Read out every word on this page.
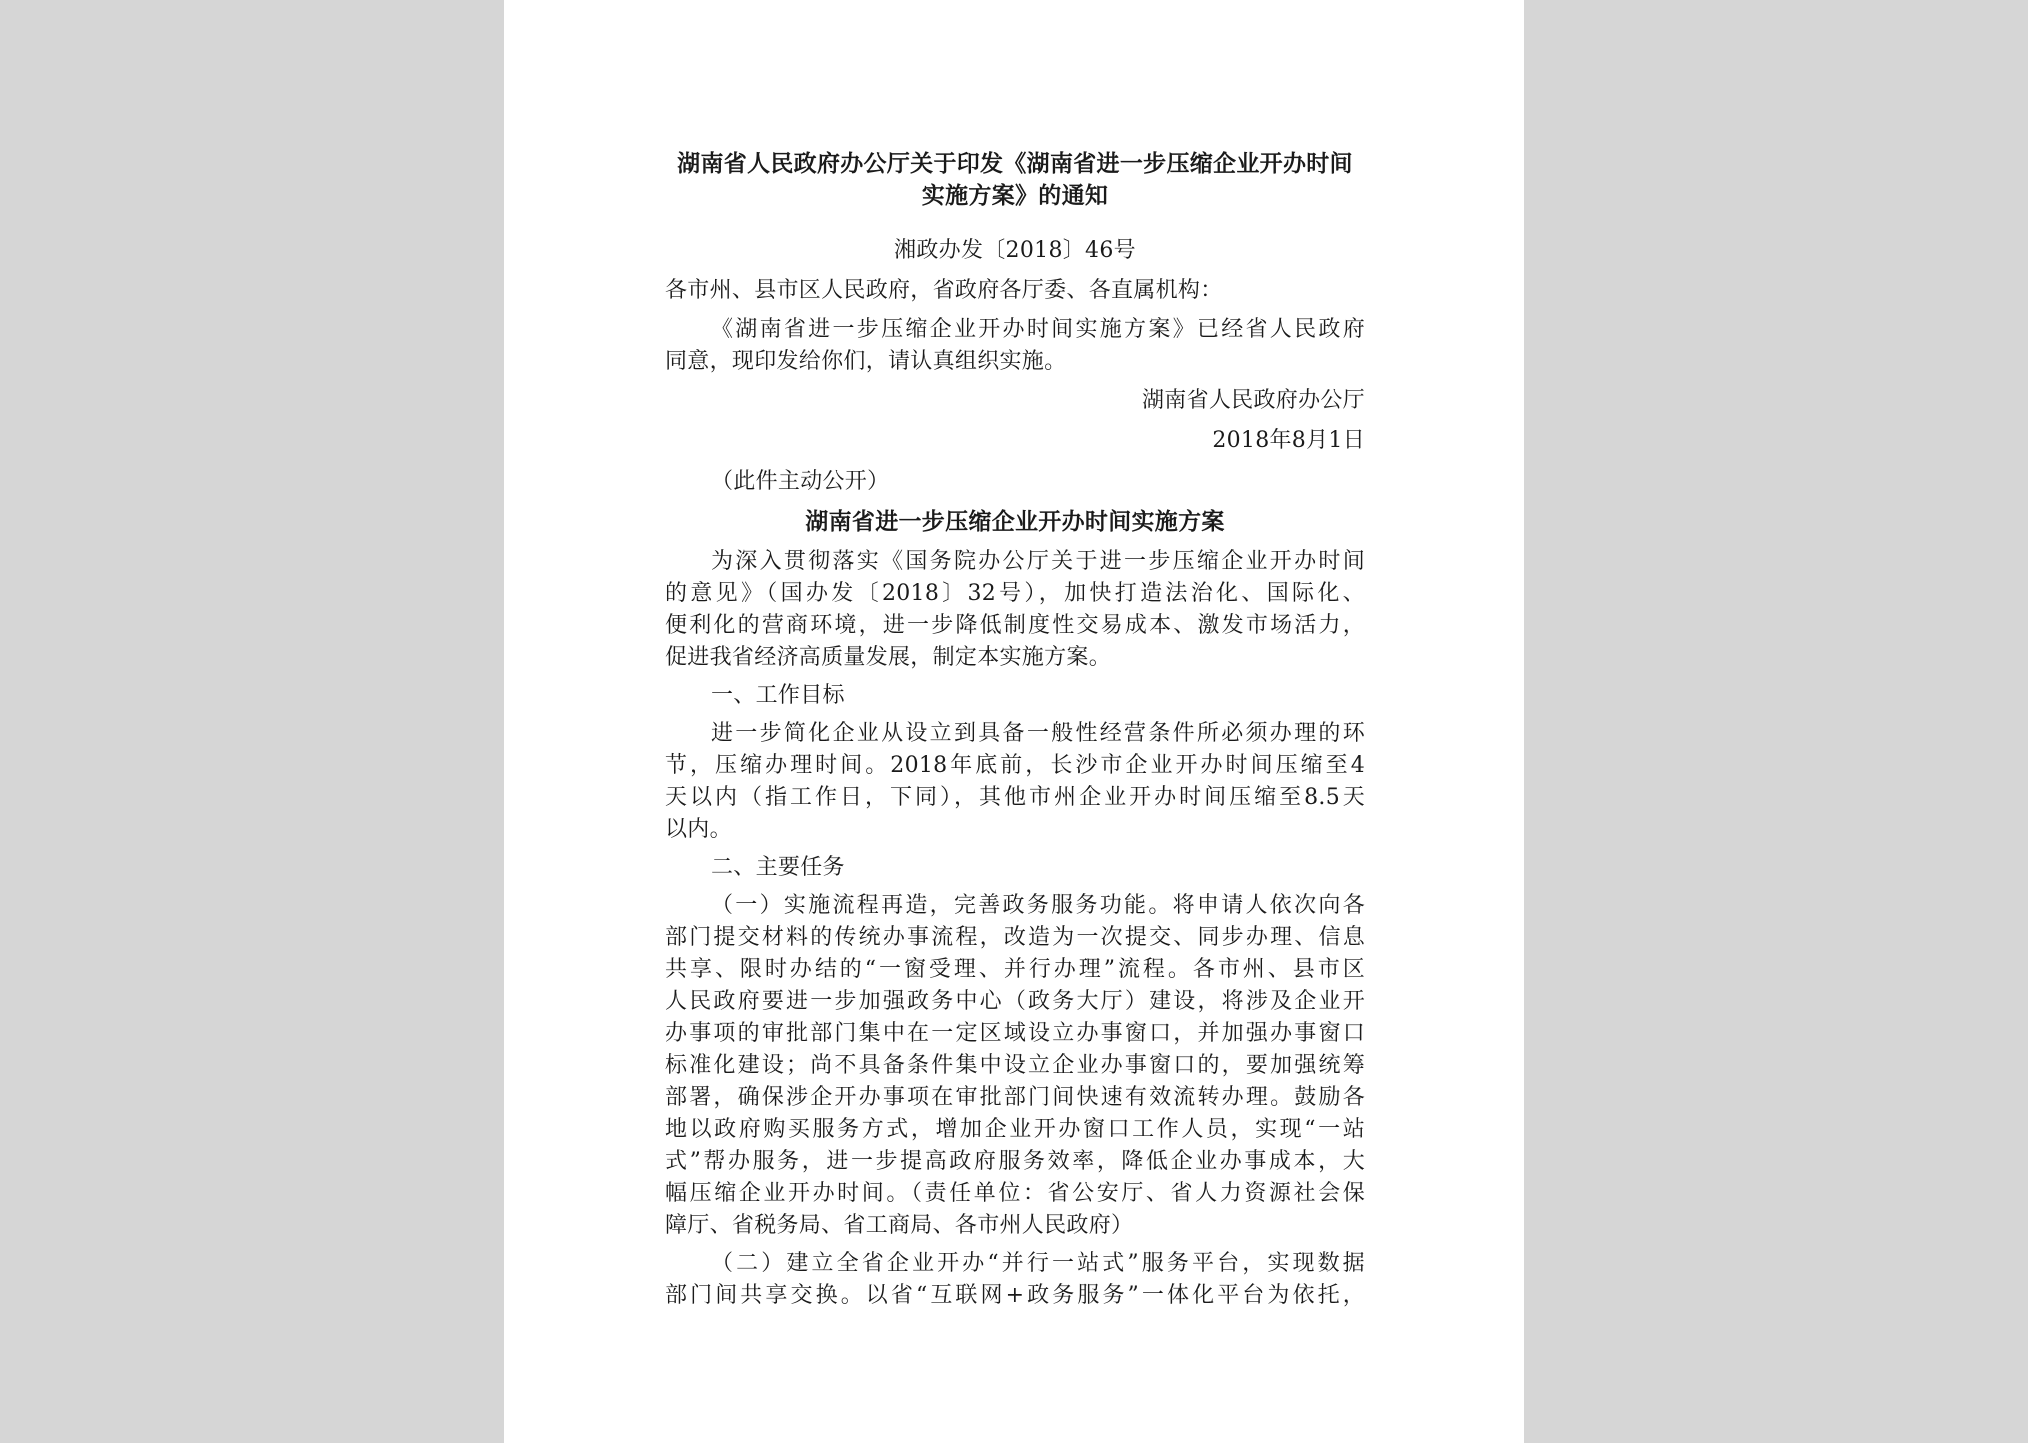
湖南省人民政府办公厅关于印发《湖南省进一步压缩企业开办时间
实施方案》的通知
湘政办发〔2018〕46号
各市州、县市区人民政府，省政府各厅委、各直属机构：
《湖南省进一步压缩企业开办时间实施方案》已经省人民政府
同意，现印发给你们，请认真组织实施。
湖南省人民政府办公厅
2018年8月1日
（此件主动公开）
湖南省进一步压缩企业开办时间实施方案
为深入贯彻落实《国务院办公厅关于进一步压缩企业开办时间
的意见》（国办发〔2018〕32号），加快打造法治化、国际化、
便利化的营商环境，进一步降低制度性交易成本、激发市场活力，
促进我省经济高质量发展，制定本实施方案。
一、工作目标
进一步简化企业从设立到具备一般性经营条件所必须办理的环
节，压缩办理时间。2018年底前，长沙市企业开办时间压缩至4
天以内（指工作日，下同），其他市州企业开办时间压缩至8.5天
以内。
二、主要任务
（一）实施流程再造，完善政务服务功能。将申请人依次向各
部门提交材料的传统办事流程，改造为一次提交、同步办理、信息
共享、限时办结的“一窗受理、并行办理”流程。各市州、县市区
人民政府要进一步加强政务中心（政务大厅）建设，将涉及企业开
办事项的审批部门集中在一定区域设立办事窗口，并加强办事窗口
标准化建设；尚不具备条件集中设立企业办事窗口的，要加强统筹
部署，确保涉企开办事项在审批部门间快速有效流转办理。鼓励各
地以政府购买服务方式，增加企业开办窗口工作人员，实现“一站
式”帮办服务，进一步提高政府服务效率，降低企业办事成本，大
幅压缩企业开办时间。（责任单位：省公安厅、省人力资源社会保
障厅、省税务局、省工商局、各市州人民政府）
（二）建立全省企业开办“并行一站式”服务平台，实现数据
部门间共享交换。以省“互联网+政务服务”一体化平台为依托，
